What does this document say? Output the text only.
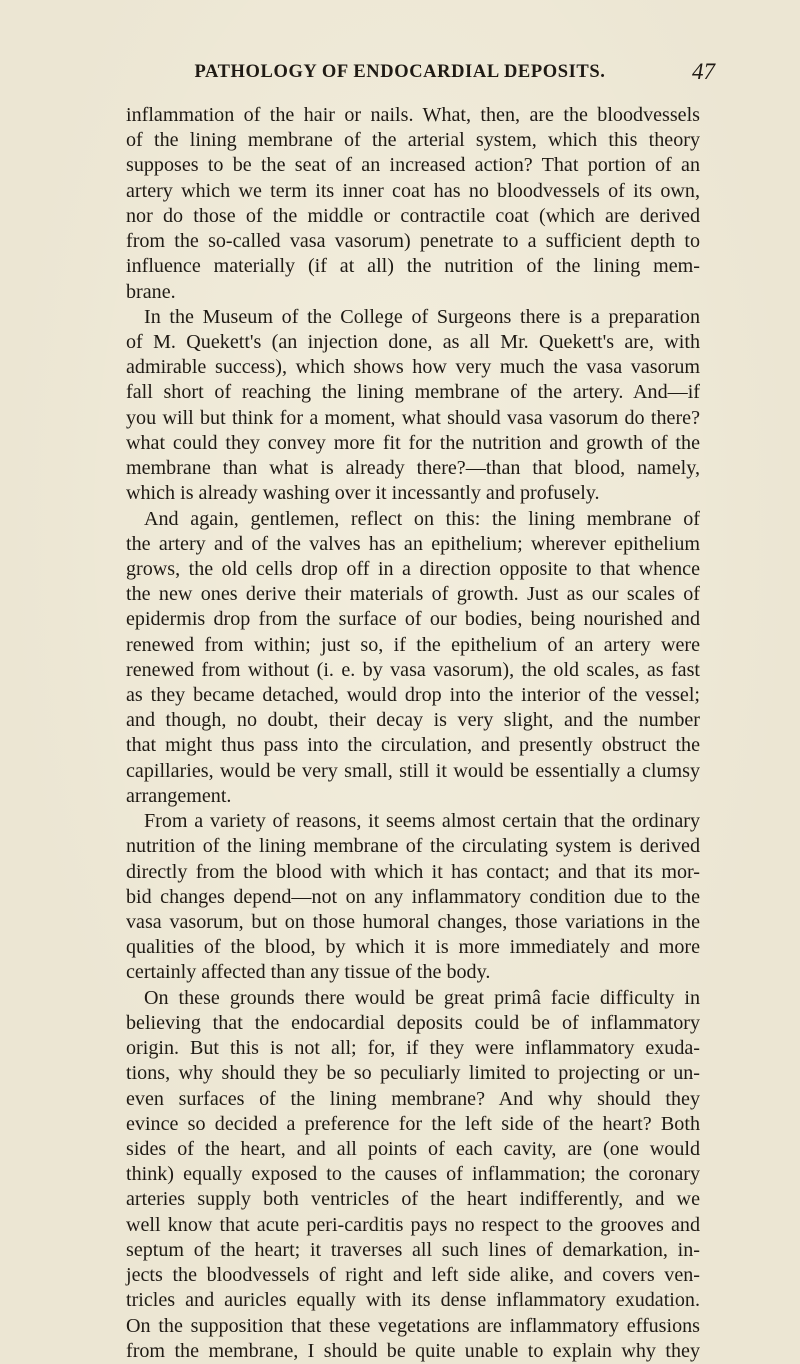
PATHOLOGY OF ENDOCARDIAL DEPOSITS.	47
inflammation of the hair or nails. What, then, are the bloodvessels
of the lining membrane of the arterial system, which this theory
supposes to be the seat of an increased action? That portion of an
artery which we term its inner coat has no bloodvessels of its own,
nor do those of the middle or contractile coat (which are derived
from the so-called vasa vasorum) penetrate to a sufficient depth to
influence materially (if at all) the nutrition of the lining mem-
brane.
In the Museum of the College of Surgeons there is a preparation
of M. Quekett's (an injection done, as all Mr. Quekett's are, with
admirable success), which shows how very much the vasa vasorum
fall short of reaching the lining membrane of the artery. And—if
you will but think for a moment, what should vasa vasorum do there?
what could they convey more fit for the nutrition and growth of the
membrane than what is already there?—than that blood, namely,
which is already washing over it incessantly and profusely.
And again, gentlemen, reflect on this: the lining membrane of
the artery and of the valves has an epithelium; wherever epithelium
grows, the old cells drop off in a direction opposite to that whence
the new ones derive their materials of growth. Just as our scales of
epidermis drop from the surface of our bodies, being nourished and
renewed from within; just so, if the epithelium of an artery were
renewed from without (i. e. by vasa vasorum), the old scales, as fast
as they became detached, would drop into the interior of the vessel;
and though, no doubt, their decay is very slight, and the number
that might thus pass into the circulation, and presently obstruct the
capillaries, would be very small, still it would be essentially a clumsy
arrangement.
From a variety of reasons, it seems almost certain that the ordinary
nutrition of the lining membrane of the circulating system is derived
directly from the blood with which it has contact; and that its mor-
bid changes depend—not on any inflammatory condition due to the
vasa vasorum, but on those humoral changes, those variations in the
qualities of the blood, by which it is more immediately and more
certainly affected than any tissue of the body.
On these grounds there would be great primâ facie difficulty in
believing that the endocardial deposits could be of inflammatory
origin. But this is not all; for, if they were inflammatory exuda-
tions, why should they be so peculiarly limited to projecting or un-
even surfaces of the lining membrane? And why should they
evince so decided a preference for the left side of the heart? Both
sides of the heart, and all points of each cavity, are (one would
think) equally exposed to the causes of inflammation; the coronary
arteries supply both ventricles of the heart indifferently, and we
well know that acute peri-carditis pays no respect to the grooves and
septum of the heart; it traverses all such lines of demarkation, in-
jects the bloodvessels of right and left side alike, and covers ven-
tricles and auricles equally with its dense inflammatory exudation.
On the supposition that these vegetations are inflammatory effusions
from the membrane, I should be quite unable to explain why they
